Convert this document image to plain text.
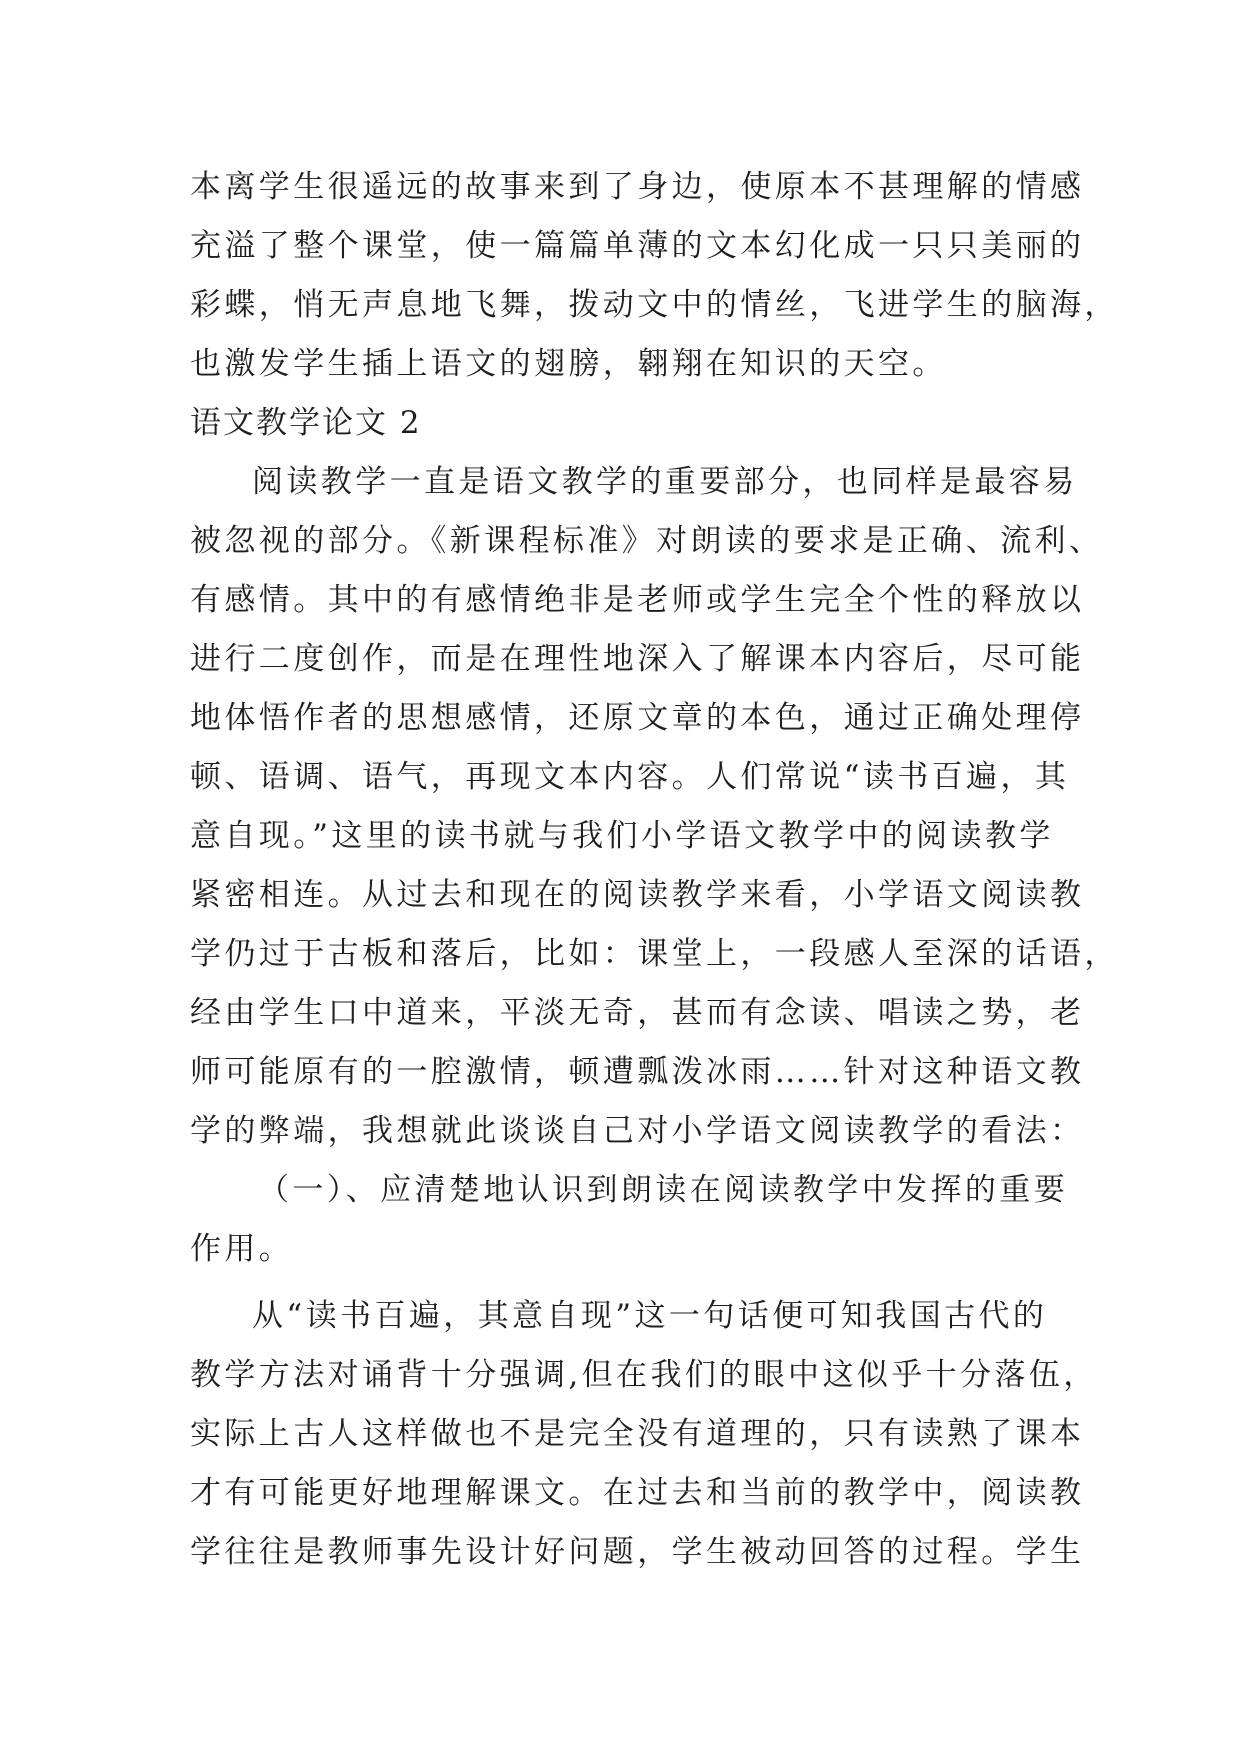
本离学生很遥远的故事来到了身边，使原本不甚理解的情感
充溢了整个课堂，使一篇篇单薄的文本幻化成一只只美丽的
彩蝶，悄无声息地飞舞，拨动文中的情丝，飞进学生的脑海，
也激发学生插上语文的翅膀，翱翔在知识的天空。
语文教学论文 2
阅读教学一直是语文教学的重要部分，也同样是最容易
被忽视的部分。《新课程标准》对朗读的要求是正确、流利、
有感情。其中的有感情绝非是老师或学生完全个性的释放以
进行二度创作，而是在理性地深入了解课本内容后，尽可能
地体悟作者的思想感情，还原文章的本色，通过正确处理停
顿、语调、语气，再现文本内容。人们常说“读书百遍，其
意自现。”这里的读书就与我们小学语文教学中的阅读教学
紧密相连。从过去和现在的阅读教学来看，小学语文阅读教
学仍过于古板和落后，比如：课堂上，一段感人至深的话语，
经由学生口中道来，平淡无奇，甚而有念读、唱读之势，老
师可能原有的一腔激情，顿遭瓢泼冰雨……针对这种语文教
学的弊端，我想就此谈谈自己对小学语文阅读教学的看法：
（一）、应清楚地认识到朗读在阅读教学中发挥的重要
作用。
从“读书百遍，其意自现”这一句话便可知我国古代的
教学方法对诵背十分强调,但在我们的眼中这似乎十分落伍，
实际上古人这样做也不是完全没有道理的，只有读熟了课本
才有可能更好地理解课文。在过去和当前的教学中，阅读教
学往往是教师事先设计好问题，学生被动回答的过程。学生
